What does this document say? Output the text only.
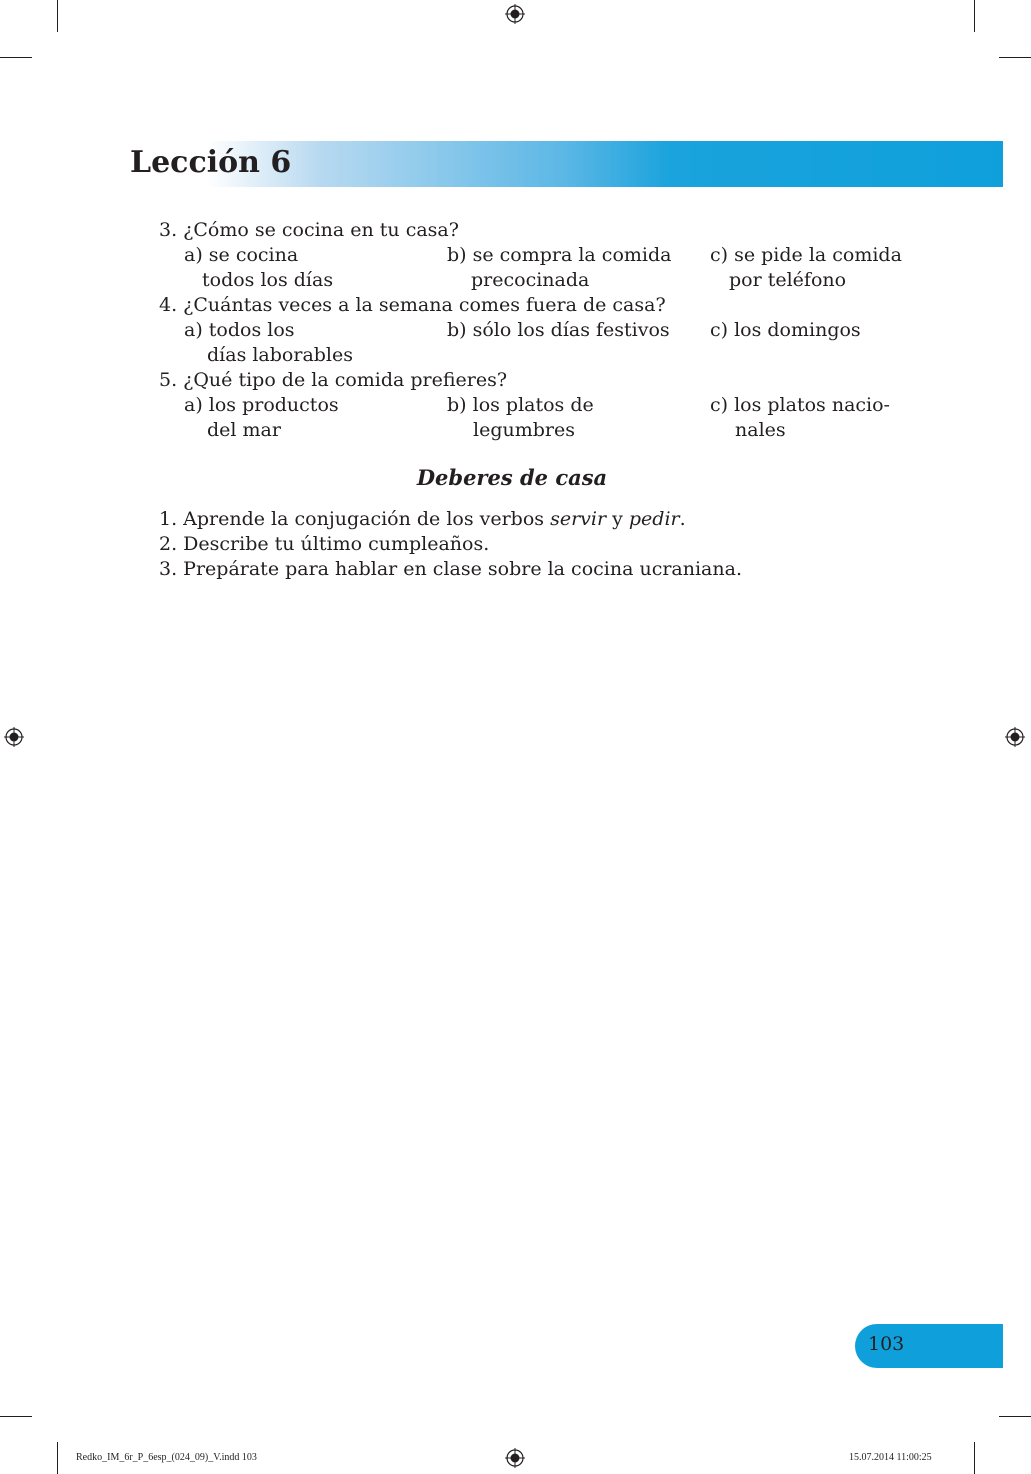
Lección 6
3. ¿Cómo se cocina en tu casa?
a) se cocina
todos los días
b) se compra la comida
precocinada
c) se pide la comida
por teléfono
4. ¿Cuántas veces a la semana comes fuera de casa?
a) todos los
días laborables
b) sólo los días festivos c) los domingos
5. ¿Qué tipo de la comida prefieres?
a) los productos
del mar
b) los platos de
legumbres
c) los platos nacio-
nales
Deberes de casa
1. Aprende la conjugación de los verbos servir y pedir.
2. Describe tu último cumpleaños.
3. Prepárate para hablar en clase sobre la cocina ucraniana.
103
Redko_IM_6r_P_6esp_(024_09)_V.indd 103	15.07.2014 11:00:25
